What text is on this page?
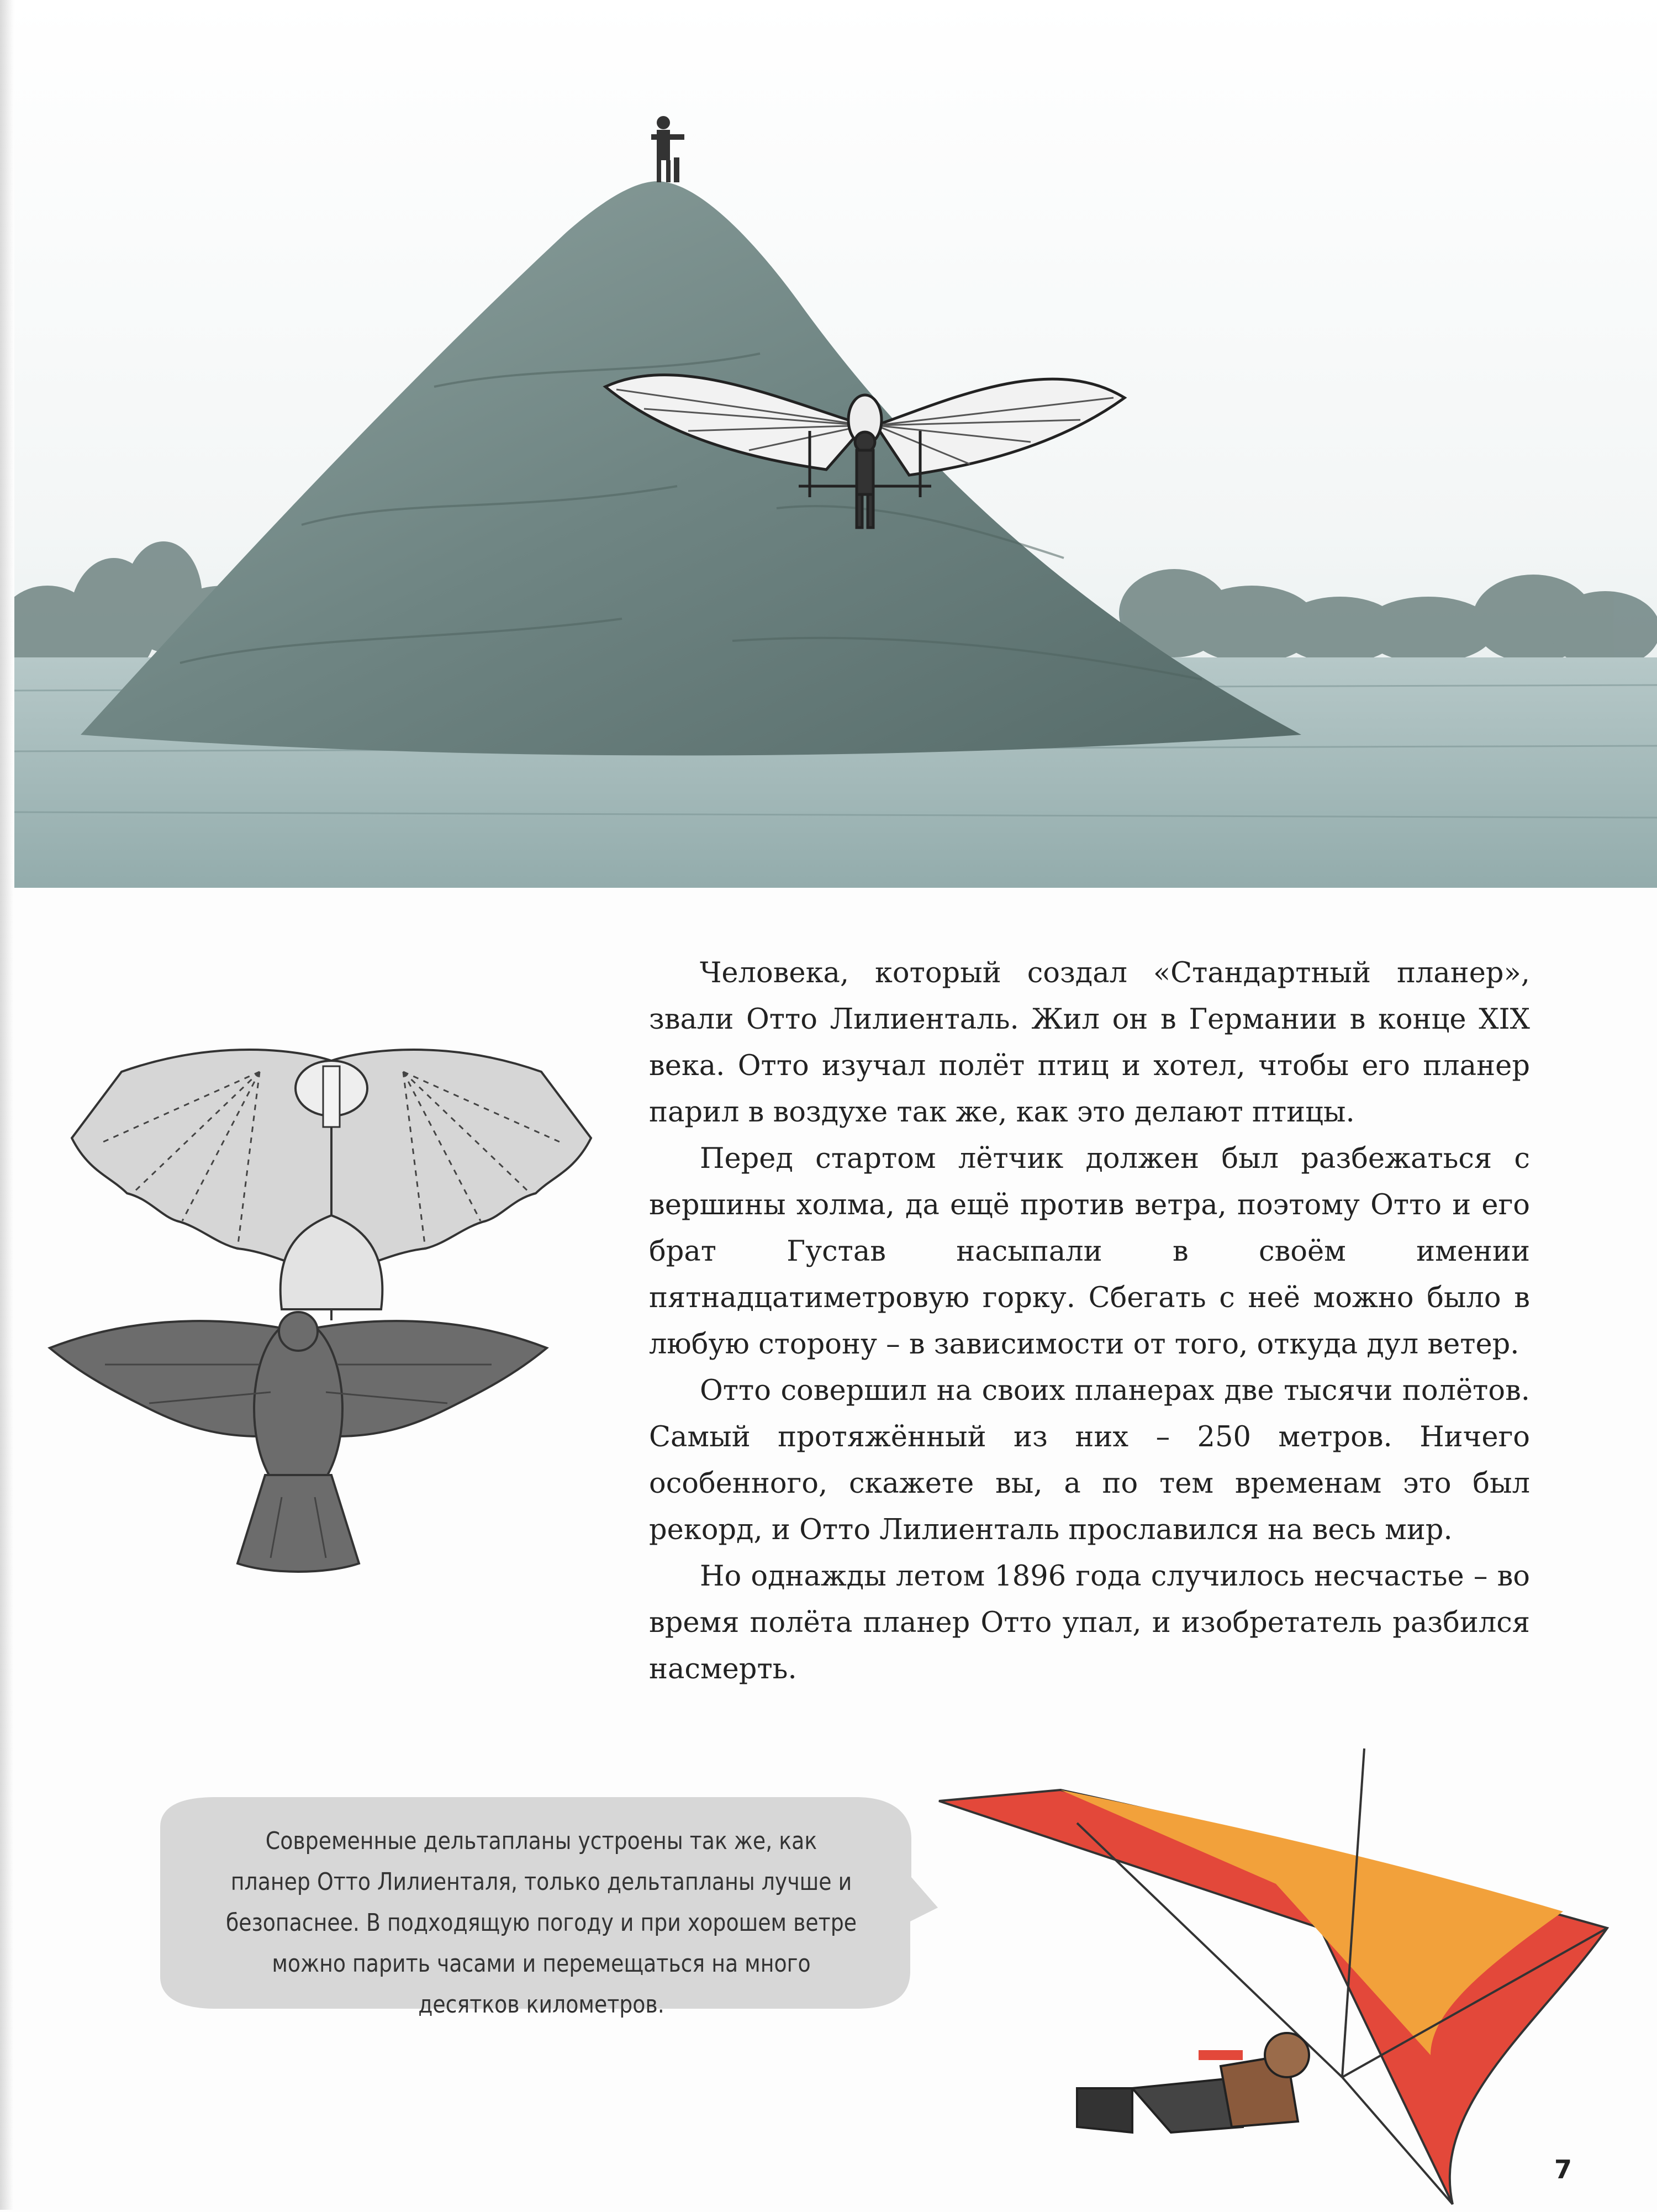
Человека, который создал «Стандартный планер», звали Отто Лилиенталь. Жил он в Германии в конце XIX века. Отто изучал полёт птиц и хотел, чтобы его планер парил в воздухе так же, как это делают птицы.

Перед стартом лётчик должен был разбежаться с вершины холма, да ещё против ветра, поэтому Отто и его брат Густав насыпали в своём имении пятнадцатиметровую горку. Сбегать с неё можно было в любую сторону – в зависимости от того, откуда дул ветер.

Отто совершил на своих планерах две тысячи полётов. Самый протяжённый из них – 250 метров. Ничего особенного, скажете вы, а по тем временам это был рекорд, и Отто Лилиенталь прославился на весь мир.

Но однажды летом 1896 года случилось несчастье – во время полёта планер Отто упал, и изобретатель разбился насмерть.

Современные дельтапланы устроены так же, как планер Отто Лилиенталя, только дельтапланы лучше и безопаснее. В подходящую погоду и при хорошем ветре можно парить часами и перемещаться на много десятков километров.
7
